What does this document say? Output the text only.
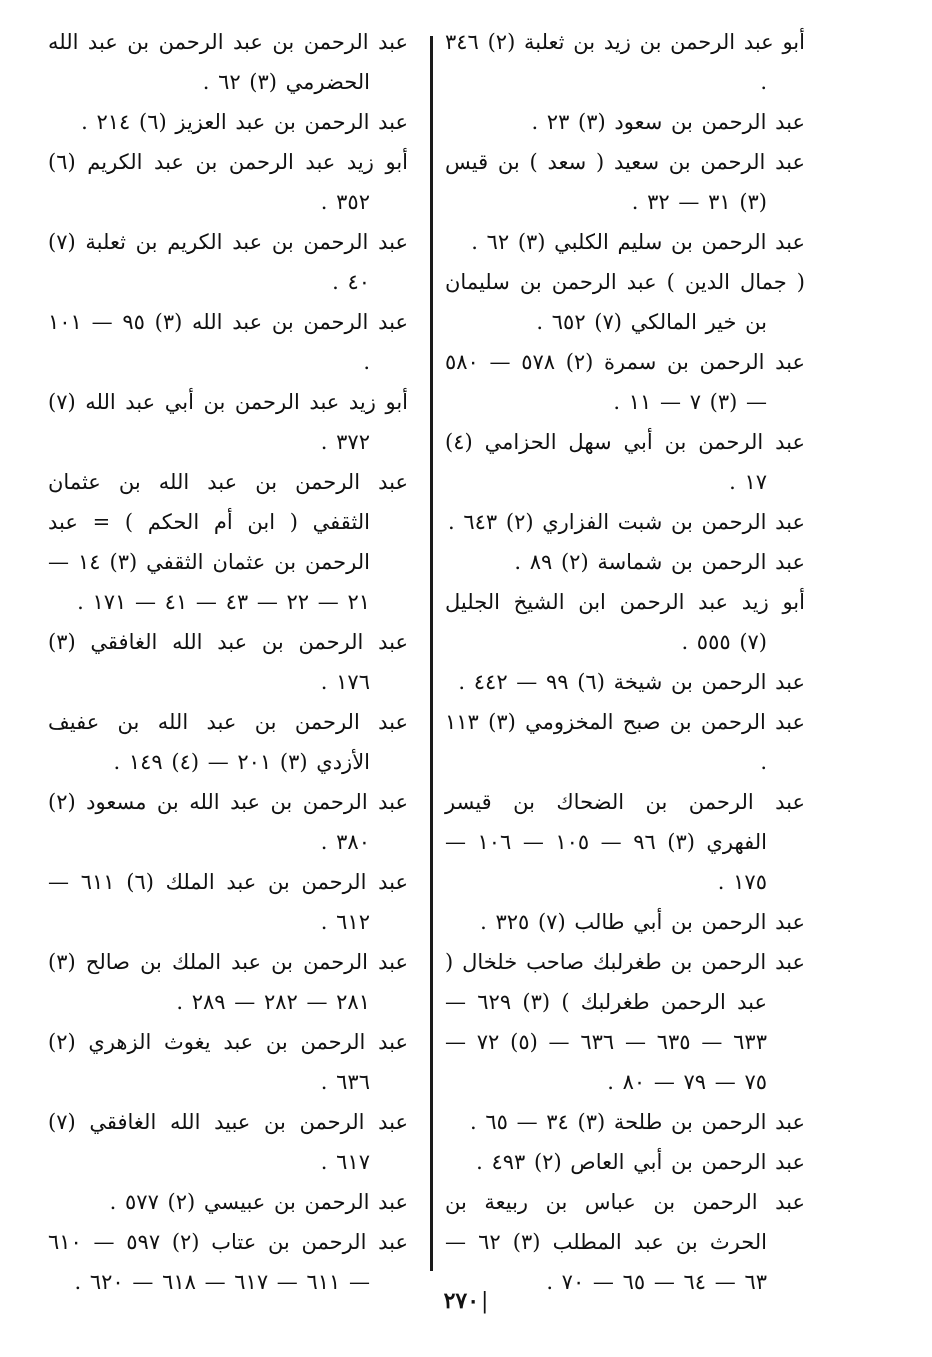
أبو عبد الرحمن بن زيد بن ثعلبة (٢) ٣٤٦ .

عبد الرحمن بن سعود (٣) ٢٣ .

عبد الرحمن بن سعيد ( سعد ) بن قيس (٣) ٣١ — ٣٢ .

عبد الرحمن بن سليم الكلبي (٣) ٦٢ .

( جمال الدين ) عبد الرحمن بن سليمان بن خير المالكي (٧) ٦٥٢ .

عبد الرحمن بن سمرة (٢) ٥٧٨ — ٥٨٠ — (٣) ٧ — ١١ .

عبد الرحمن بن أبي سهل الحزامي (٤) ١٧ .

عبد الرحمن بن شبت الفزاري (٢) ٦٤٣ .

عبد الرحمن بن شماسة (٢) ٨٩ .

أبو زيد عبد الرحمن ابن الشيخ الجليل (٧) ٥٥٥ .

عبد الرحمن بن شيخة (٦) ٩٩ — ٤٤٢ .

عبد الرحمن بن صبح المخزومي (٣) ١١٣ .

عبد الرحمن بن الضحاك بن قيسر الفهري (٣) ٩٦ — ١٠٥ — ١٠٦ — ١٧٥ .

عبد الرحمن بن أبي طالب (٧) ٣٢٥ .

عبد الرحمن بن طغرلبك صاحب خلخال ( عبد الرحمن طغرلبك ) (٣) ٦٢٩ — ٦٣٣ — ٦٣٥ — ٦٣٦ — (٥) ٧٢ — ٧٥ — ٧٩ — ٨٠ .

عبد الرحمن بن طلحة (٣) ٣٤ — ٦٥ .

عبد الرحمن بن أبي العاص (٢) ٤٩٣ .

عبد الرحمن بن عباس بن ربيعة بن الحرث بن عبد المطلب (٣) ٦٢ — ٦٣ — ٦٤ — ٦٥ — ٧٠ .

عبد الرحمن بن عبد الرحمن بن عبد الله الحضرمي (٣) ٦٢ .

عبد الرحمن بن عبد العزيز (٦) ٢١٤ .

أبو زيد عبد الرحمن بن عبد الكريم (٦) ٣٥٢ .

عبد الرحمن بن عبد الكريم بن ثعلبة (٧) ٤٠ .

عبد الرحمن بن عبد الله (٣) ٩٥ — ١٠١ .

أبو زيد عبد الرحمن بن أبي عبد الله (٧) ٣٧٢ .

عبد الرحمن بن عبد الله بن عثمان الثقفي ( ابن أم الحكم ) = عبد الرحمن بن عثمان الثقفي (٣) ١٤ — ٢١ — ٢٢ — ٤٣ — ٤١ — ١٧١ .

عبد الرحمن بن عبد الله الغافقي (٣) ١٧٦ .

عبد الرحمن بن عبد الله بن عفيف الأزدي (٣) ٢٠١ — (٤) ١٤٩ .

عبد الرحمن بن عبد الله بن مسعود (٢) ٣٨٠ .

عبد الرحمن بن عبد الملك (٦) ٦١١ — ٦١٢ .

عبد الرحمن بن عبد الملك بن صالح (٣) ٢٨١ — ٢٨٢ — ٢٨٩ .

عبد الرحمن بن عبد يغوث الزهري (٢) ٦٣٦ .

عبد الرحمن بن عبيد الله الغافقي (٧) ٦١٧ .

عبد الرحمن بن عبيسي (٢) ٥٧٧ .

عبد الرحمن بن عتاب (٢) ٥٩٧ — ٦١٠ — ٦١١ — ٦١٧ — ٦١٨ — ٦٢٠ .

|٢٧٠
